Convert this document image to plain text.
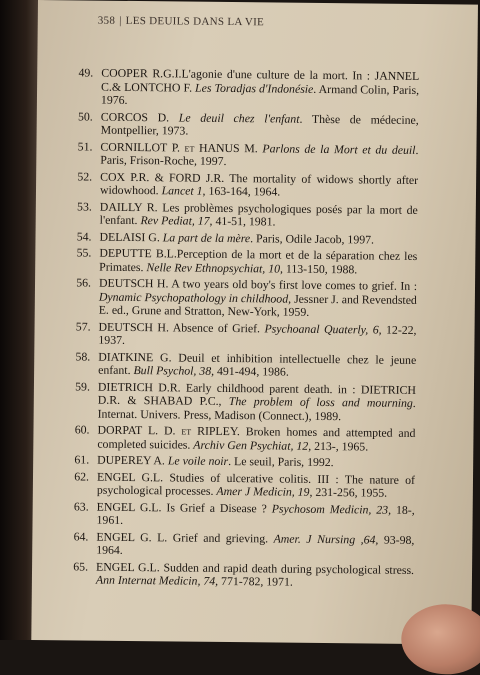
358 | LES DEUILS DANS LA VIE
49. COOPER R.G.I.L'agonie d'une culture de la mort. In : JANNEL C.& LONTCHO F. Les Toradjas d'Indonésie. Armand Colin, Paris, 1976.
50. CORCOS D. Le deuil chez l'enfant. Thèse de médecine, Montpellier, 1973.
51. CORNILLOT P. et HANUS M. Parlons de la Mort et du deuil. Paris, Frison-Roche, 1997.
52. COX P.R. & FORD J.R. The mortality of widows shortly after widowhood. Lancet 1, 163-164, 1964.
53. DAILLY R. Les problèmes psychologiques posés par la mort de l'enfant. Rev Pediat, 17, 41-51, 1981.
54. DELAISI G. La part de la mère. Paris, Odile Jacob, 1997.
55. DEPUTTE B.L.Perception de la mort et de la séparation chez les Primates. Nelle Rev Ethnopsychiat, 10, 113-150, 1988.
56. DEUTSCH H. A two years old boy's first love comes to grief. In : Dynamic Psychopathology in childhood, Jessner J. and Revendsted E. ed., Grune and Stratton, New-York, 1959.
57. DEUTSCH H. Absence of Grief. Psychoanal Quaterly, 6, 12-22, 1937.
58. DIATKINE G. Deuil et inhibition intellectuelle chez le jeune enfant. Bull Psychol, 38, 491-494, 1986.
59. DIETRICH D.R. Early childhood parent death. in : DIETRICH D.R. & SHABAD P.C., The problem of loss and mourning. Internat. Univers. Press, Madison (Connect.), 1989.
60. DORPAT L. D. et RIPLEY. Broken homes and attempted and completed suicides. Archiv Gen Psychiat, 12, 213-, 1965.
61. DUPEREY A. Le voile noir. Le seuil, Paris, 1992.
62. ENGEL G.L. Studies of ulcerative colitis. III : The nature of psychological processes. Amer J Medicin, 19, 231-256, 1955.
63. ENGEL G.L. Is Grief a Disease ? Psychosom Medicin, 23, 18-, 1961.
64. ENGEL G. L. Grief and grieving. Amer. J Nursing ,64, 93-98, 1964.
65. ENGEL G.L. Sudden and rapid death during psychological stress. Ann Internat Medicin, 74, 771-782, 1971.
